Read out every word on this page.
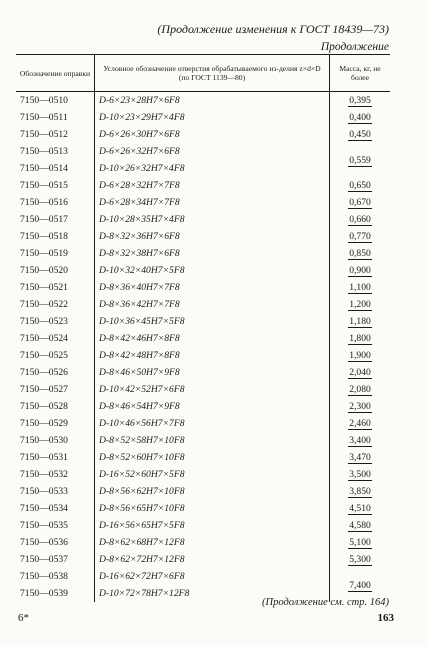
(Продолжение изменения к ГОСТ 18439—73)
Продолжение
Обозначение оправки	Условное обозначение отверстия обрабатываемого из-делия z×d×D (по ГОСТ 1139—80)	Масса, кг, не более
7150—0510	D-6×23×28H7×6F8	0,395
7150—0511	D-10×23×29H7×4F8	0,400
7150—0512	D-6×26×30H7×6F8	0,450
7150—0513	D-6×26×32H7×6F8	0,559
7150—0514	D-10×26×32H7×4F8	
7150—0515	D-6×28×32H7×7F8	0,650
7150—0516	D-6×28×34H7×7F8	0,670
7150—0517	D-10×28×35H7×4F8	0,660
7150—0518	D-8×32×36H7×6F8	0,770
7150—0519	D-8×32×38H7×6F8	0,850
7150—0520	D-10×32×40H7×5F8	0,900
7150—0521	D-8×36×40H7×7F8	1,100
7150—0522	D-8×36×42H7×7F8	1,200
7150—0523	D-10×36×45H7×5F8	1,180
7150—0524	D-8×42×46H7×8F8	1,800
7150—0525	D-8×42×48H7×8F8	1,900
7150—0526	D-8×46×50H7×9F8	2,040
7150—0527	D-10×42×52H7×6F8	2,080
7150—0528	D-8×46×54H7×9F8	2,300
7150—0529	D-10×46×56H7×7F8	2,460
7150—0530	D-8×52×58H7×10F8	3,400
7150—0531	D-8×52×60H7×10F8	3,470
7150—0532	D-16×52×60H7×5F8	3,500
7150—0533	D-8×56×62H7×10F8	3,850
7150—0534	D-8×56×65H7×10F8	4,510
7150—0535	D-16×56×65H7×5F8	4,580
7150—0536	D-8×62×68H7×12F8	5,100
7150—0537	D-8×62×72H7×12F8	5,300
7150—0538	D-16×62×72H7×6F8	7,400
7150—0539	D-10×72×78H7×12F8	
(Продолжение см. стр. 164)
6*	163
